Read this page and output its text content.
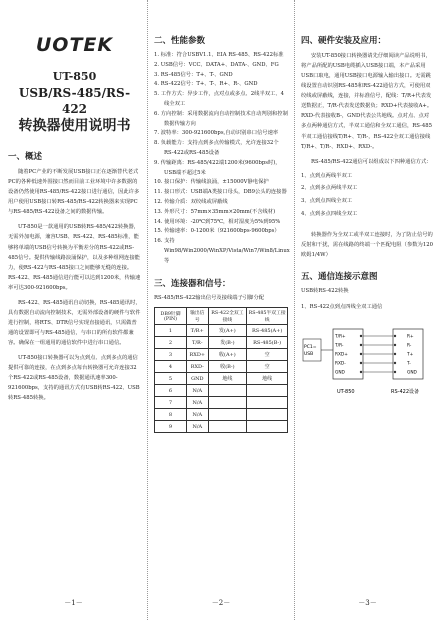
UOTEK
UT-850
USB/RS-485/RS-422
转换器使用说明书
一、概述

随着PC产业的不断发展USB接口正在逐渐替代老式PC的各种低速外围接口然而目前工业环境中许多数据的设备仍然使用RS-485/RS-422接口进行通信，因此许多用户使用USB接口转RS-485/RS-422转换器来实现PC与RS-485/RS-422设备之间的数据传输。

UT-850是一款通用的USB转RS-485/422转换器，无需外加电源，兼容USB、RS-422、RS-485标准，能够将单端的USB信号转换为平衡差分的RS-422或RS-485信号。提供传输线路浪涌保护，以及多种组网连接能力，使RS-422与RS-485接口之间能够无缝的连接。RS-422、RS-485通信进行能可以达到1200米，传输速率可达300-921600bps。

RS-422、RS-485通讯自动切换，RS-485通讯时，具有数据自动流向控制技术，无需外部设备的硬件与软件进行控制，将RTS、DTR信号实现直接通讯，只需做普通的设置即可与RS-485通信，与串口的所有软件都兼容。确保在一组通用的通信软件中进行串口通信。

UT-850接口转换器可以为点到点、点到多点的通信提供可靠的连接，在点到多点每台转换器可允许连接32个RS-422或RS-485设备，数据通讯速率300-921600bps，支持的通讯方式有USB转RS-422、USB转RS-485转换。

－1－
二、性能参数
1. 标准：符合USBV1.1、EIA RS-485、RS-422标准
2. USB信号：VCC、DATA+、DATA-、GND、FG
3. RS-485信号：T+、T-、GND
4. RS-422信号：T+、T-、R+、R-、GND
5. 工作方式：异步工作，点对点或多点、2线半双工、4线全双工
6. 方向控制：采用数据流向自动控制技术自动判别和控制数据传输方向
7. 波特率：300-921600bps,自动识别串口信号速率
8. 负载能力：支持点到多点传输模式，允许连接32个RS-422或RS-485设备
9. 传输距离：RS-485/422端1200米(9600bps时)，USB端不超过5米
10. 接口保护：传输线浪涌，±15000V静电保护
11. 接口形式：USB端A类接口母头，DB9公头的连接器
12. 传输介质：双绞线或屏蔽线
13. 外形尺寸：57mm×35mm×20mm(不含线材)
14. 使用环境：-20℃到75℃，相对湿度为5%到95%
15. 传输速率：0-1200米（921600bps-9600bps）
16. 支持Win98/Win2000/WinXP/Vista/Win7/Win8/Linux等
三、连接器和信号：
RS-485/RS-422输出信号及接线端子引脚分配
DB9针脚(PIN)	输出信号	RS-422全双工接线	RS-485半双工接线
1	T/R+	发(A+)	RS-485(A+)
2	T/R-	发(B-)	RS-485(B-)
3	RXD+	收(A+)	空
4	RXD-	收(B-)	空
5	GND	地线	地线
6	N/A		
7	N/A		
8	N/A		
9	N/A		
－2－
四、硬件安装及应用：

安装UT-850接口转换器请先仔细阅读产品说明书，将产品所配的USB电缆插入USB接口端，本产品采用USB口取电，通用USB接口电源输入输出接口。无需跳线设置自动识别RS-485和RS-422通信方式，可使用双绞线或屏蔽线，连接，并标准信号，配线：T/R+代表发送数据正，T/R-代表发送数据负；RXD+代表接收A+。RXD-代表接收B-，GND代表公共地线。点对点、点对多点两种通信方式，半双工通信和全双工通信，RS-485半双工通信接线T/R+、T/R-，RS-422全双工通信接线T/R+、T/R-、RXD+、RXD-。

RS-485/RS-422通信可以组成以下四种通信方式：

1、点到点两线半双工
2、点到多点两线半双工
3、点到点四线全双工
4、点到多点四线全双工

转换器作为全双工或半双工连接时，为了防止信号的反射和干扰，需在线路的终端一个匹配电阻（参数为120欧姆1/4W）

五、通信连接示意图
USB转RS-422转换
1、RS-422点到点四线全双工通信
PC1=
USB
T/R+	R+
T/R-	R-
RXD+	T+
RXD-	T-
GND	GND
UT-850	RS-422设备
－3－
